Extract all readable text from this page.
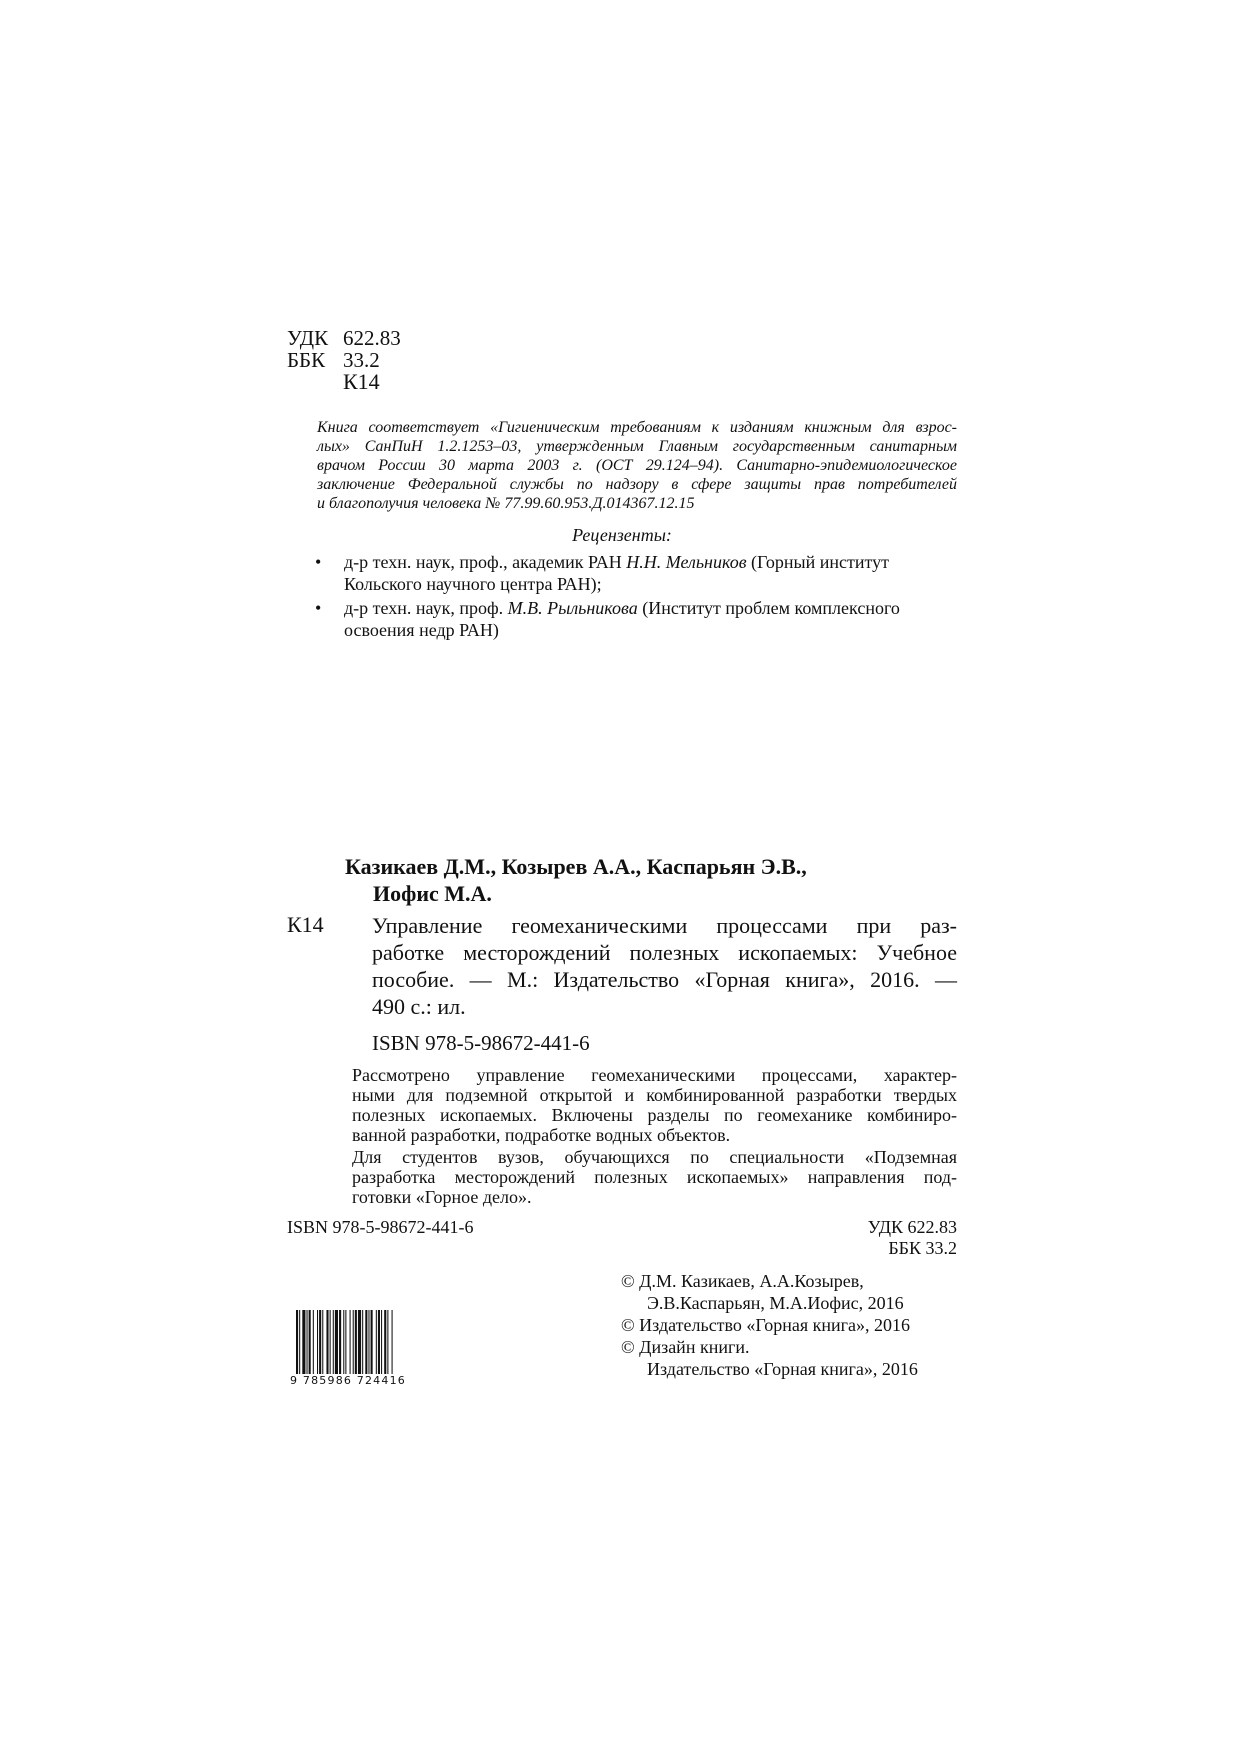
УДК 622.83
ББК 33.2
К14
Книга соответствует «Гигиеническим требованиям к изданиям книжным для взрос-
лых» СанПиН 1.2.1253–03, утвержденным Главным государственным санитарным
врачом России 30 марта 2003 г. (ОСТ 29.124–94). Санитарно-эпидемиологическое
заключение Федеральной службы по надзору в сфере защиты прав потребителей
и благополучия человека № 77.99.60.953.Д.014367.12.15
Рецензенты:
• д-р техн. наук, проф., академик РАН Н.Н. Мельников (Горный институт
Кольского научного центра РАН);
• д-р техн. наук, проф. М.В. Рыльникова (Институт проблем комплексного
освоения недр РАН)
Казикаев Д.М., Козырев А.А., Каспарьян Э.В.,
Иофис М.А.
К14 Управление геомеханическими процессами при раз-
работке месторождений полезных ископаемых: Учебное
пособие. — М.: Издательство «Горная книга», 2016. —
490 с.: ил.
ISBN 978-5-98672-441-6
Рассмотрено управление геомеханическими процессами, характер-
ными для подземной открытой и комбинированной разработки твердых
полезных ископаемых. Включены разделы по геомеханике комбиниро-
ванной разработки, подработке водных объектов.
Для студентов вузов, обучающихся по специальности «Подземная
разработка месторождений полезных ископаемых» направления под-
готовки «Горное дело».
ISBN 978-5-98672-441-6	УДК 622.83
ББК 33.2
© Д.М. Казикаев, А.А.Козырев,
Э.В.Каспарьян, М.А.Иофис, 2016
© Издательство «Горная книга», 2016
© Дизайн книги.
Издательство «Горная книга», 2016
9 785986 724416
